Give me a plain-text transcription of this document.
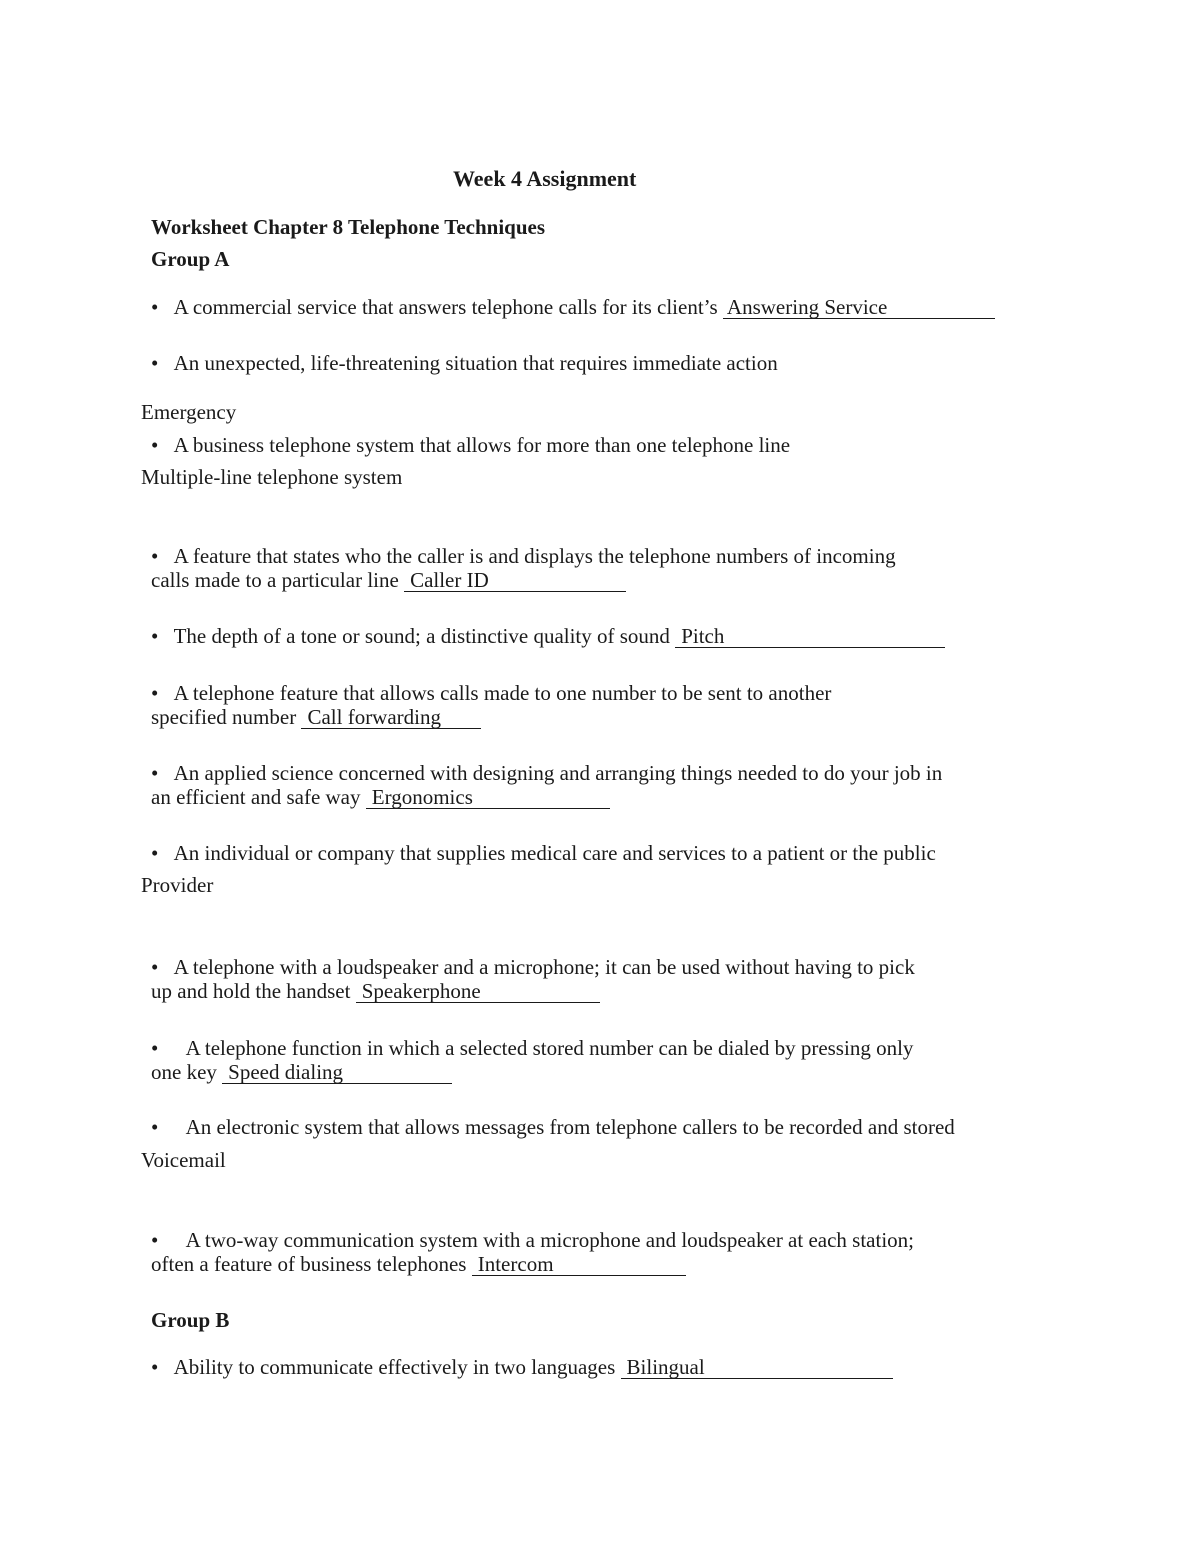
Week 4 Assignment
Worksheet Chapter 8 Telephone Techniques
Group A
• A commercial service that answers telephone calls for its client’s Answering Service
• An unexpected, life-threatening situation that requires immediate action
Emergency
• A business telephone system that allows for more than one telephone line
Multiple-line telephone system
• A feature that states who the caller is and displays the telephone numbers of incoming
calls made to a particular line Caller ID
• The depth of a tone or sound; a distinctive quality of sound Pitch
• A telephone feature that allows calls made to one number to be sent to another
specified number Call forwarding
• An applied science concerned with designing and arranging things needed to do your job in
an efficient and safe way Ergonomics
• An individual or company that supplies medical care and services to a patient or the public
Provider
• A telephone with a loudspeaker and a microphone; it can be used without having to pick
up and hold the handset Speakerphone
• A telephone function in which a selected stored number can be dialed by pressing only
one key Speed dialing
• An electronic system that allows messages from telephone callers to be recorded and stored
Voicemail
• A two-way communication system with a microphone and loudspeaker at each station;
often a feature of business telephones Intercom
Group B
• Ability to communicate effectively in two languages Bilingual
